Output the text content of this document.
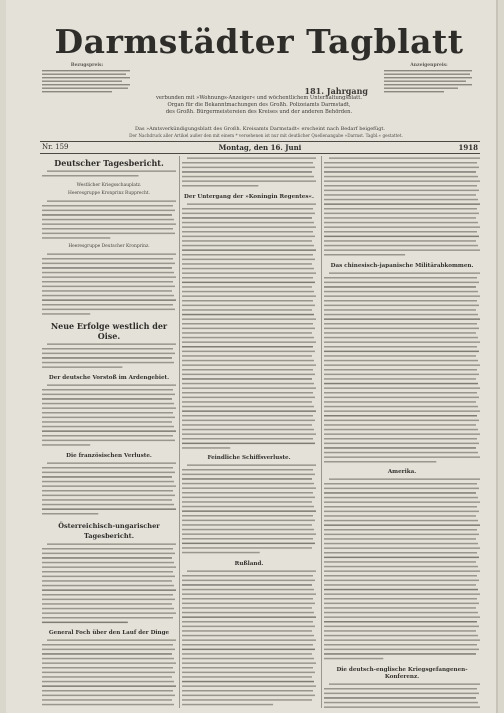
Darmstädter Tagblatt
Bezugspreis:	Anzeigenpreis:
181. Jahrgang
verbunden mit »Wohnungs-Anzeiger« und wöchentlichem Unterhaltungsblatt.
Organ für die Bekanntmachungen des Großh. Polizeiamts Darmstadt,
des Großh. Bürgermeistereien des Kreises und der anderen Behörden.
Das »Amtsverkündigungsblatt des Großh. Kreisamts Darmstadt« erscheint nach Bedarf beigefügt.
Der Nachdruck aller Artikel außer den mit einem * versehenen ist nur mit deutlicher Quellenangabe »Darmst. Tagbl.« gestattet.
Nr. 159	Montag, den 16. Juni	1918
Deutscher Tagesbericht.
Westlicher Kriegsschauplatz.
Heeresgruppe Kronprinz Rupprecht.
Heeresgruppe Deutscher Kronprinz.
Neue Erfolge westlich der Oise.
Der deutsche Vorstoß im Ardengebiet.
Die französischen Verluste.
Österreichisch-ungarischer Tagesbericht.
General Foch über den Lauf der Dinge
Der Untergang der »Koningin Regentes«.
Feindliche Schiffsverluste.
Rußland.
Das chinesisch-japanische Militärabkommen.
Amerika.
Die deutsch-englische Kriegsgefangenen-Konferenz.
